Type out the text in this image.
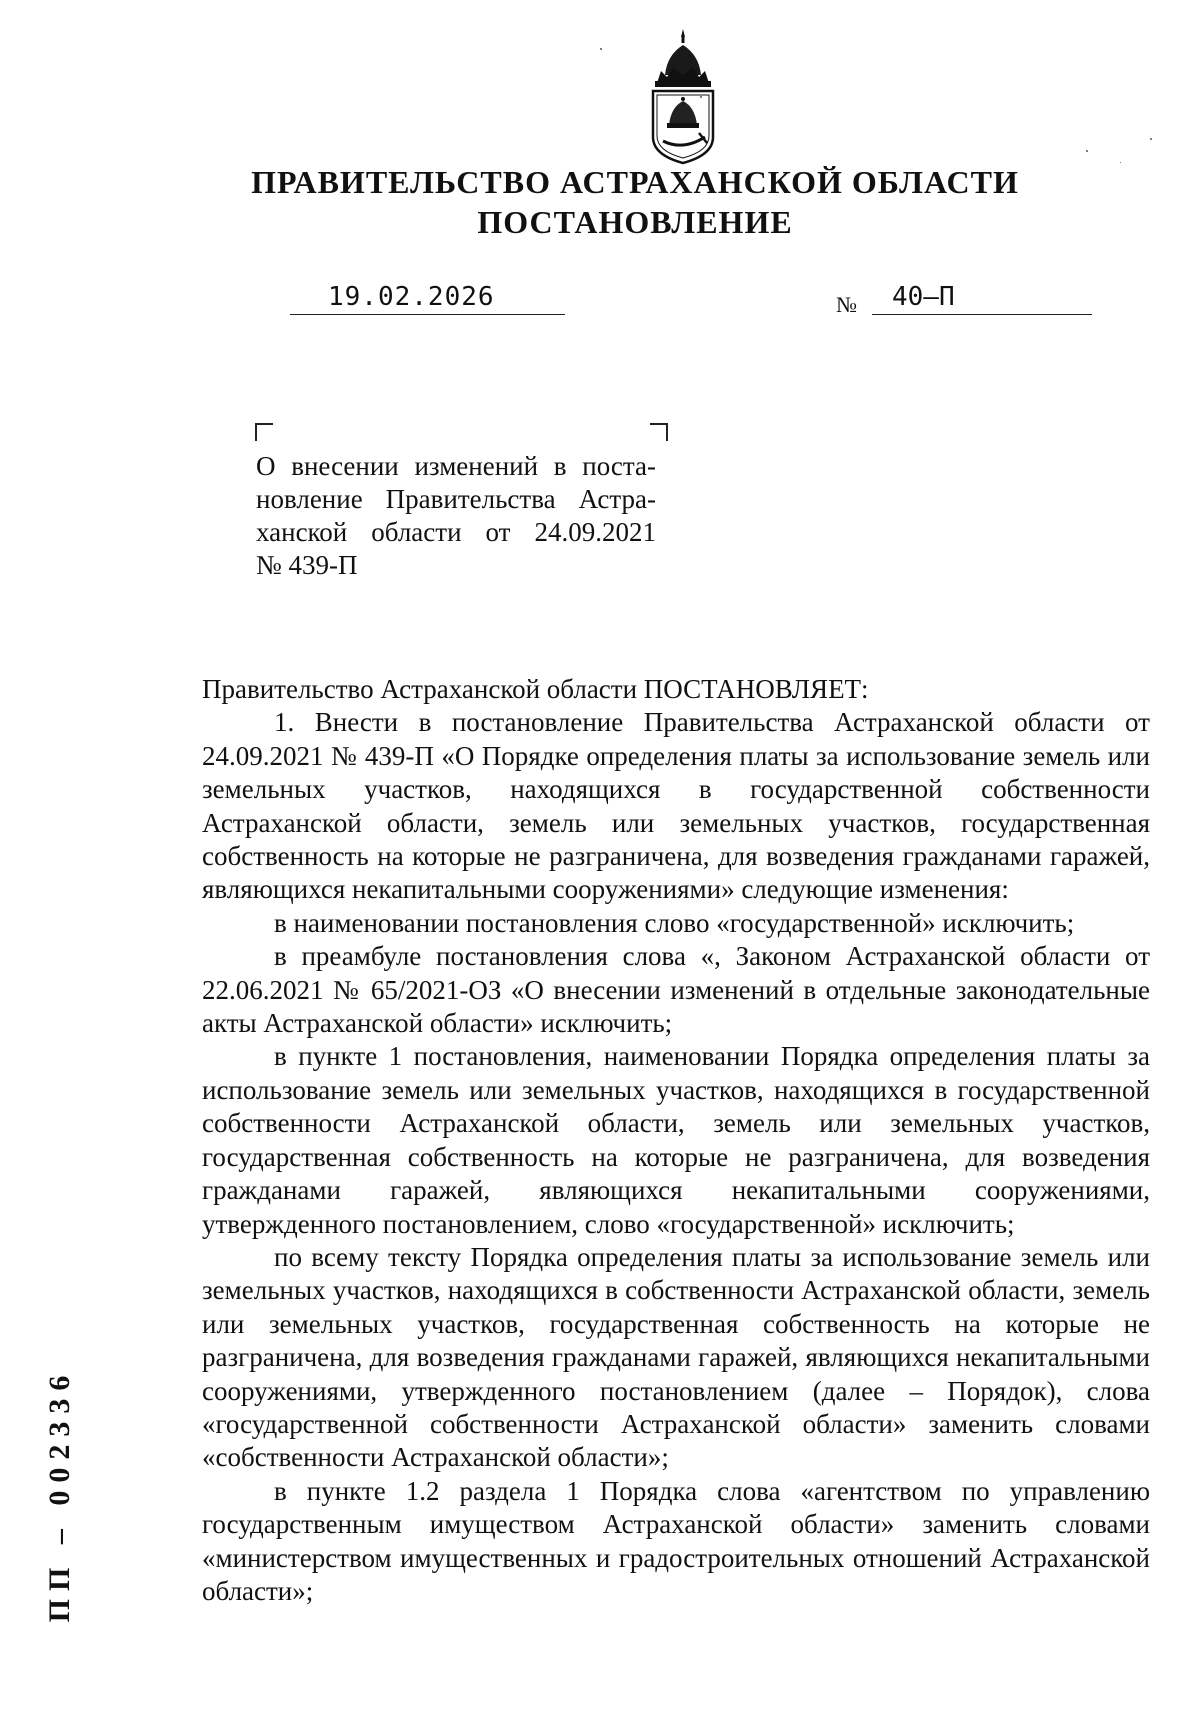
ПРАВИТЕЛЬСТВО АСТРАХАНСКОЙ ОБЛАСТИ

ПОСТАНОВЛЕНИЕ

19.02.2026	№ 40–П
О внесении изменений в поста-
новление Правительства Астра-
ханской области от 24.09.2021
№ 439-П

Правительство Астраханской области ПОСТАНОВЛЯЕТ:

1. Внести в постановление Правительства Астраханской области от 24.09.2021 № 439-П «О Порядке определения платы за использование земель или земельных участков, находящихся в государственной собственности Астраханской области, земель или земельных участков, государственная собственность на которые не разграничена, для возведения гражданами гаражей, являющихся некапитальными сооружениями» следующие изменения:

в наименовании постановления слово «государственной» исключить;

в преамбуле постановления слова «, Законом Астраханской области от 22.06.2021 № 65/2021-ОЗ «О внесении изменений в отдельные законодательные акты Астраханской области» исключить;

в пункте 1 постановления, наименовании Порядка определения платы за использование земель или земельных участков, находящихся в государственной собственности Астраханской области, земель или земельных участков, государственная собственность на которые не разграничена, для возведения гражданами гаражей, являющихся некапитальными сооружениями, утвержденного постановлением, слово «государственной» исключить;

по всему тексту Порядка определения платы за использование земель или земельных участков, находящихся в собственности Астраханской области, земель или земельных участков, государственная собственность на которые не разграничена, для возведения гражданами гаражей, являющихся некапитальными сооружениями, утвержденного постановлением (далее – Порядок), слова «государственной собственности Астраханской области» заменить словами «собственности Астраханской области»;

в пункте 1.2 раздела 1 Порядка слова «агентством по управлению государственным имуществом Астраханской области» заменить словами «министерством имущественных и градостроительных отношений Астраханской области»;

ПП – 002336
